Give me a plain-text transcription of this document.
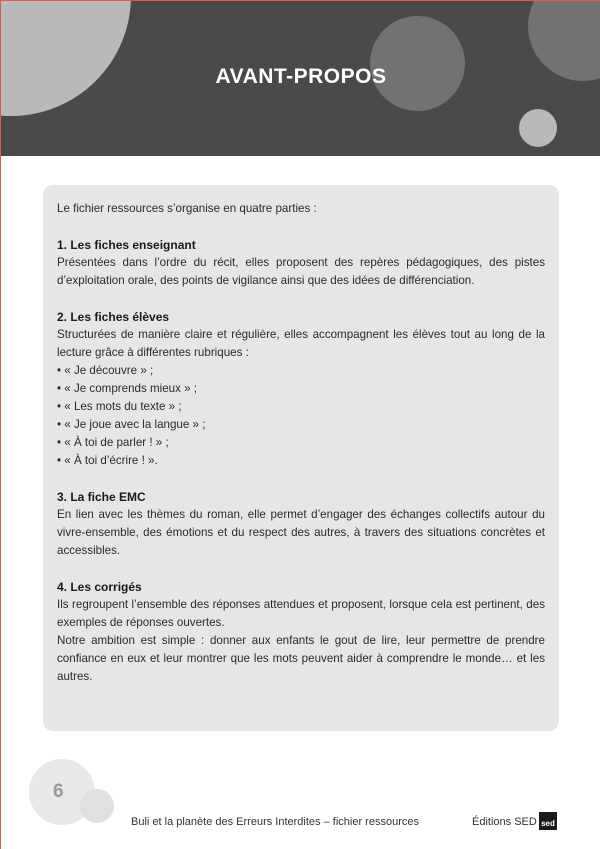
AVANT-PROPOS

Le fichier ressources s’organise en quatre parties :

1. Les fiches enseignant

Présentées dans l’ordre du récit, elles proposent des repères pédagogiques, des pistes d’exploitation orale, des points de vigilance ainsi que des idées de différenciation.

2. Les fiches élèves

Structurées de manière claire et régulière, elles accompagnent les élèves tout au long de la lecture grâce à différentes rubriques :

• « Je découvre » ;
• « Je comprends mieux » ;
• « Les mots du texte » ;
• « Je joue avec la langue » ;
• « À toi de parler ! » ;
• « À toi d’écrire ! ».
3. La fiche EMC

En lien avec les thèmes du roman, elle permet d’engager des échanges collectifs autour du vivre-ensemble, des émotions et du respect des autres, à travers des situations concrètes et accessibles.

4. Les corrigés

Ils regroupent l’ensemble des réponses attendues et proposent, lorsque cela est pertinent, des exemples de réponses ouvertes.

Notre ambition est simple : donner aux enfants le gout de lire, leur permettre de prendre confiance en eux et leur montrer que les mots peuvent aider à comprendre le monde… et les autres.

6
Buli et la planète des Erreurs Interdites – fichier ressources	Éditions SED sed
